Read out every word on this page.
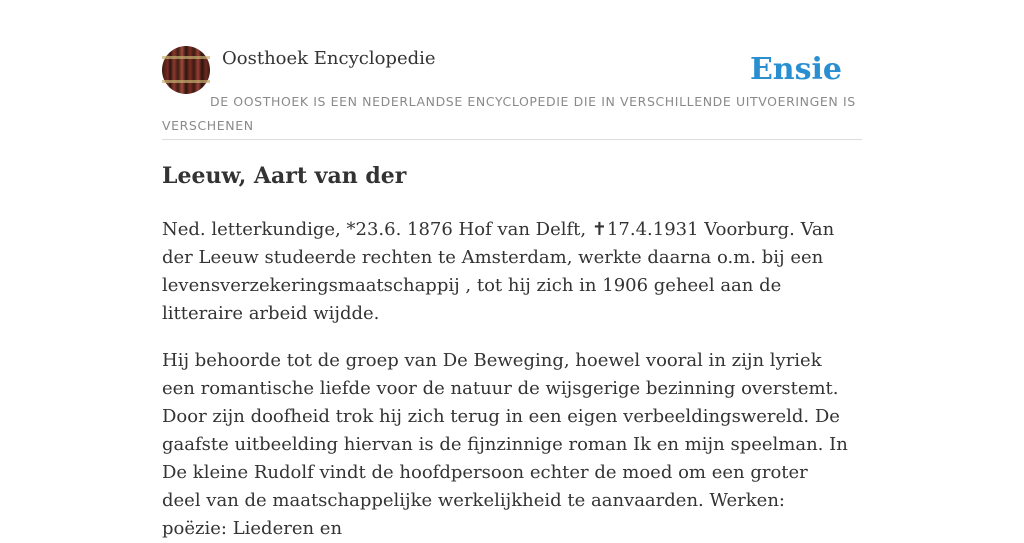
Oosthoek Encyclopedie	Ensie
DE OOSTHOEK IS EEN NEDERLANDSE ENCYCLOPEDIE DIE IN VERSCHILLENDE UITVOERINGEN IS VERSCHENEN
Leeuw, Aart van der

Ned. letterkundige, *23.6. 1876 Hof van Delft, ✝17.4.1931 Voorburg. Van der Leeuw studeerde rechten te Amsterdam, werkte daarna o.m. bij een levensverzekeringsmaatschappij , tot hij zich in 1906 geheel aan de litteraire arbeid wijdde.

Hij behoorde tot de groep van De Beweging, hoewel vooral in zijn lyriek een romantische liefde voor de natuur de wijsgerige bezinning overstemt. Door zijn doofheid trok hij zich terug in een eigen verbeeldingswereld. De gaafste uitbeelding hiervan is de fijnzinnige roman Ik en mijn speelman. In De kleine Rudolf vindt de hoofdpersoon echter de moed om een groter deel van de maatschappelijke werkelijkheid te aanvaarden. Werken: poëzie: Liederen en
